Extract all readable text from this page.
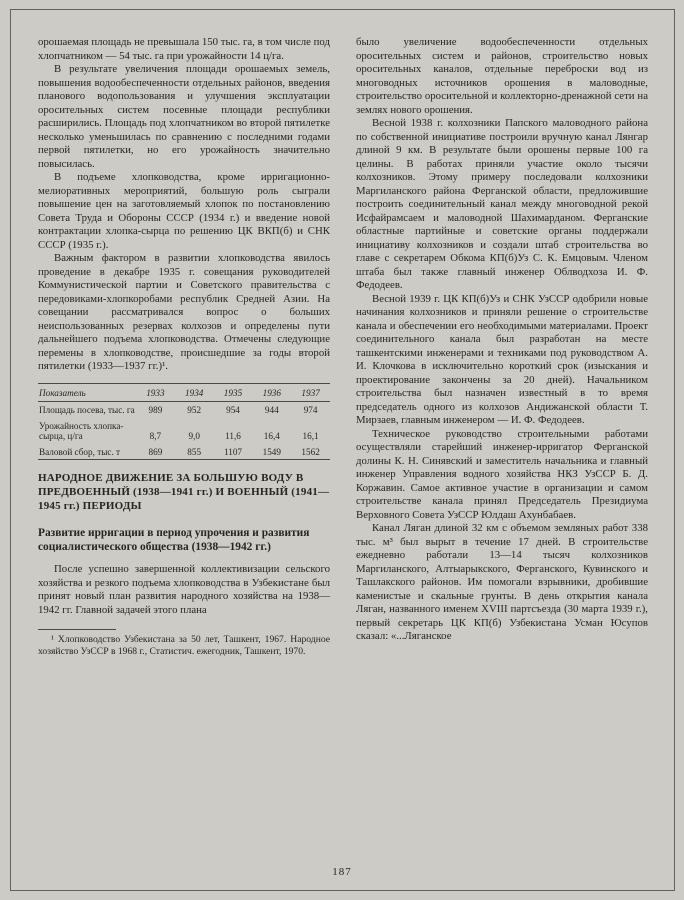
орошаемая площадь не превышала 150 тыс. га, в том числе под хлопчатником — 54 тыс. га при урожайности 14 ц/га.

В результате увеличения площади орошаемых земель, повышения водообеспеченности отдельных районов, введения планового водопользования и улучшения эксплуатации оросительных систем посевные площади республики расширились. Площадь под хлопчатником во второй пятилетке несколько уменьшилась по сравнению с последними годами первой пятилетки, но его урожайность значительно повысилась.

В подъеме хлопководства, кроме ирригационно-мелиоративных мероприятий, большую роль сыграли повышение цен на заготовляемый хлопок по постановлению Совета Труда и Обороны СССР (1934 г.) и введение новой контрактации хлопка-сырца по решению ЦК ВКП(б) и СНК СССР (1935 г.).

Важным фактором в развитии хлопководства явилось проведение в декабре 1935 г. совещания руководителей Коммунистической партии и Советского правительства с передовиками-хлопкоробами республик Средней Азии. На совещании рассматривался вопрос о больших неиспользованных резервах колхозов и определены пути дальнейшего подъема хлопководства. Отмечены следующие перемены в хлопководстве, происшедшие за годы второй пятилетки (1933—1937 гг.)¹.

Показатель	1933	1934	1935	1936	1937
Площадь посева, тыс. га	989	952	954	944	974
Урожайность хлопка-сырца, ц/га	8,7	9,0	11,6	16,4	16,1
Валовой сбор, тыс. т	869	855	1107	1549	1562
НАРОДНОЕ ДВИЖЕНИЕ ЗА БОЛЬШУЮ ВОДУ В ПРЕДВОЕННЫЙ (1938—1941 гг.) И ВОЕННЫЙ (1941—1945 гг.) ПЕРИОДЫ
Развитие ирригации в период упрочения и развития социалистического общества (1938—1942 гг.)

После успешно завершенной коллективизации сельского хозяйства и резкого подъема хлопководства в Узбекистане был принят новый план развития народного хозяйства на 1938—1942 гг. Главной задачей этого плана

¹ Хлопководство Узбекистана за 50 лет, Ташкент, 1967. Народное хозяйство УзССР в 1968 г., Статистич. ежегодник, Ташкент, 1970.

было увеличение водообеспеченности отдельных оросительных систем и районов, строительство новых оросительных каналов, отдельные переброски вод из многоводных источников орошения в маловодные, строительство оросительной и коллекторно-дренажной сети на землях нового орошения.

Весной 1938 г. колхозники Папского маловодного района по собственной инициативе построили вручную канал Лянгар длиной 9 км. В результате были орошены первые 100 га целины. В работах приняли участие около тысячи колхозников. Этому примеру последовали колхозники Маргиланского района Ферганской области, предложившие построить соединительный канал между многоводной рекой Исфайрамсаем и маловодной Шахимарданом. Ферганские областные партийные и советские органы поддержали инициативу колхозников и создали штаб строительства во главе с секретарем Обкома КП(б)Уз С. К. Емцовым. Членом штаба был также главный инженер Облводхоза И. Ф. Федодеев.

Весной 1939 г. ЦК КП(б)Уз и СНК УзССР одобрили новые начинания колхозников и приняли решение о строительстве канала и обеспечении его необходимыми материалами. Проект соединительного канала был разработан на месте ташкентскими инженерами и техниками под руководством А. И. Клочкова в исключительно короткий срок (изыскания и проектирование закончены за 20 дней). Начальником строительства был назначен известный в то время председатель одного из колхозов Андижанской области Т. Мирзаев, главным инженером — И. Ф. Федодеев.

Техническое руководство строительными работами осуществляли старейший инженер-ирригатор Ферганской долины К. Н. Синявский и заместитель начальника и главный инженер Управления водного хозяйства НКЗ УзССР Б. Д. Коржавин. Самое активное участие в организации и самом строительстве канала принял Председатель Президиума Верховного Совета УзССР Юлдаш Ахунбабаев.

Канал Ляган длиной 32 км с объемом земляных работ 338 тыс. м³ был вырыт в течение 17 дней. В строительстве ежедневно работали 13—14 тысяч колхозников Маргиланского, Алтыарыкского, Ферганского, Кувинского и Ташлакского районов. Им помогали взрывники, дробившие каменистые и скальные грунты. В день открытия канала Ляган, названного именем XVIII партсъезда (30 марта 1939 г.), первый секретарь ЦК КП(б) Узбекистана Усман Юсупов сказал: «...Ляганское

187
